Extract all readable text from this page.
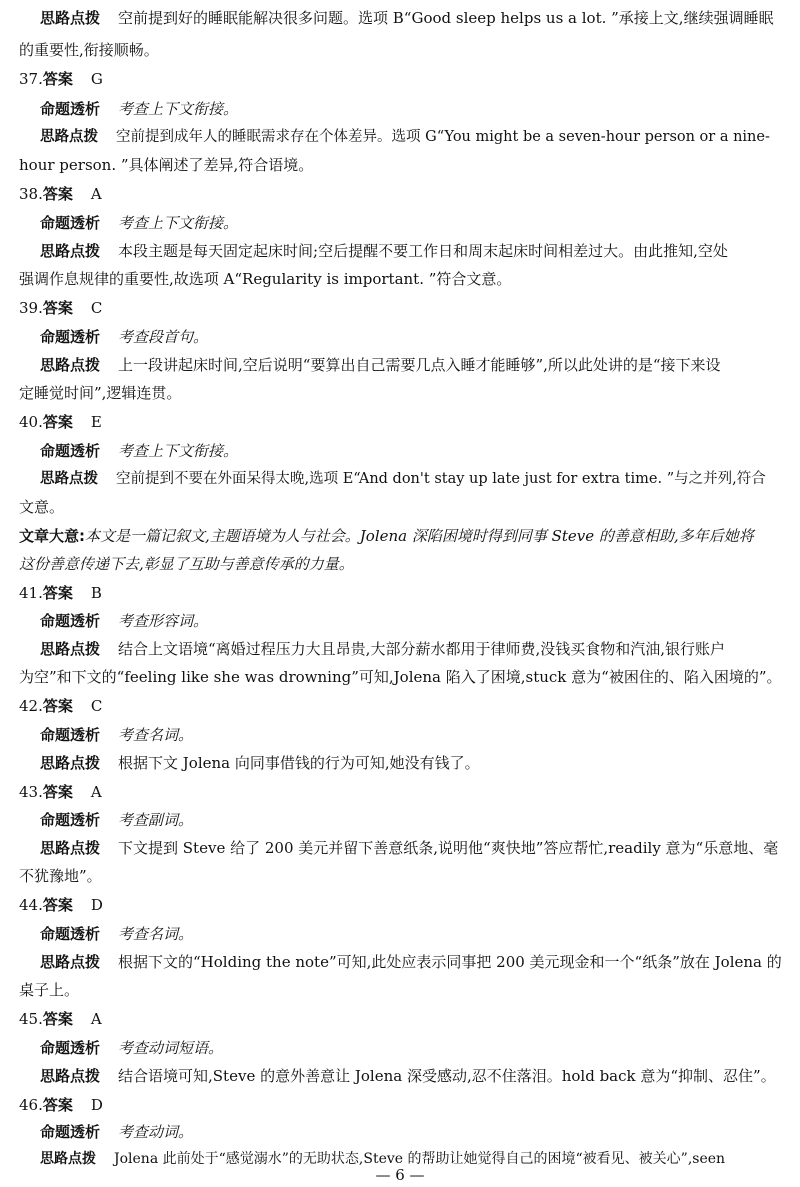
思路点拨 空前提到好的睡眠能解决很多问题。选项 B“Good sleep helps us a lot. ”承接上文,继续强调睡眠
的重要性,衔接顺畅。
37.答案 G
命题透析 考查上下文衔接。
思路点拨 空前提到成年人的睡眠需求存在个体差异。选项 G“You might be a seven-hour person or a nine-
hour person. ”具体阐述了差异,符合语境。
38.答案 A
命题透析 考查上下文衔接。
思路点拨 本段主题是每天固定起床时间;空后提醒不要工作日和周末起床时间相差过大。由此推知,空处
强调作息规律的重要性,故选项 A“Regularity is important. ”符合文意。
39.答案 C
命题透析 考查段首句。
思路点拨 上一段讲起床时间,空后说明“要算出自己需要几点入睡才能睡够”,所以此处讲的是“接下来设
定睡觉时间”,逻辑连贯。
40.答案 E
命题透析 考查上下文衔接。
思路点拨 空前提到不要在外面呆得太晚,选项 E“And don't stay up late just for extra time. ”与之并列,符合
文意。
文章大意:本文是一篇记叙文,主题语境为人与社会。Jolena 深陷困境时得到同事 Steve 的善意相助,多年后她将
这份善意传递下去,彰显了互助与善意传承的力量。
41.答案 B
命题透析 考查形容词。
思路点拨 结合上文语境“离婚过程压力大且昂贵,大部分薪水都用于律师费,没钱买食物和汽油,银行账户
为空”和下文的“feeling like she was drowning”可知,Jolena 陷入了困境,stuck 意为“被困住的、陷入困境的”。
42.答案 C
命题透析 考查名词。
思路点拨 根据下文 Jolena 向同事借钱的行为可知,她没有钱了。
43.答案 A
命题透析 考查副词。
思路点拨 下文提到 Steve 给了 200 美元并留下善意纸条,说明他“爽快地”答应帮忙,readily 意为“乐意地、毫
不犹豫地”。
44.答案 D
命题透析 考查名词。
思路点拨 根据下文的“Holding the note”可知,此处应表示同事把 200 美元现金和一个“纸条”放在 Jolena 的
桌子上。
45.答案 A
命题透析 考查动词短语。
思路点拨 结合语境可知,Steve 的意外善意让 Jolena 深受感动,忍不住落泪。hold back 意为“抑制、忍住”。
46.答案 D
命题透析 考查动词。
思路点拨 Jolena 此前处于“感觉溺水”的无助状态,Steve 的帮助让她觉得自己的困境“被看见、被关心”,seen
— 6 —
